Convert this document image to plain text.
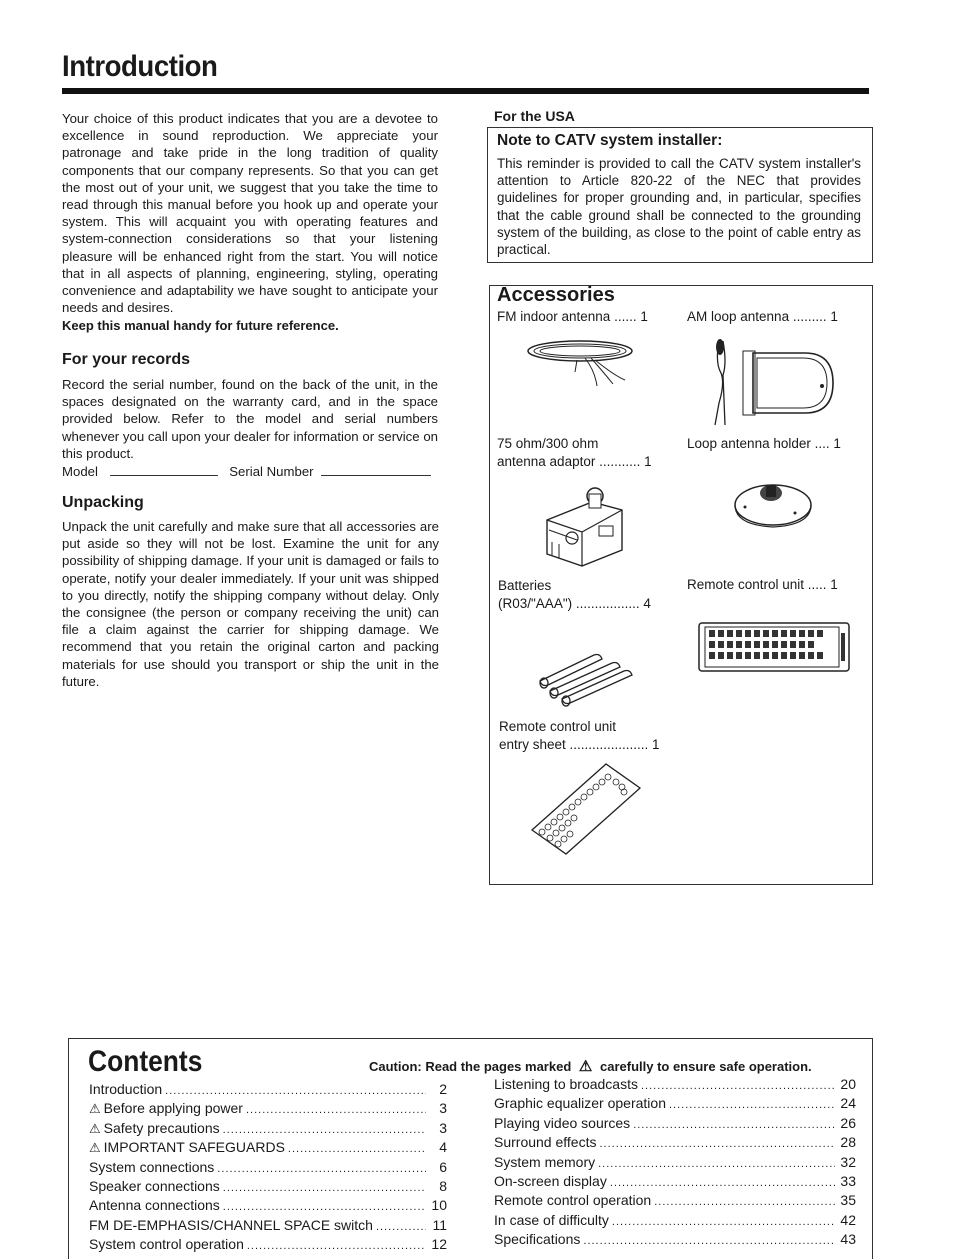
Introduction
Your choice of this product indicates that you are a devotee to excellence in sound reproduction. We appreciate your patronage and take pride in the long tradition of quality components that our company represents. So that you can get the most out of your unit, we suggest that you take the time to read through this manual before you hook up and operate your system. This will acquaint you with operating features and system-connection considerations so that your listening pleasure will be enhanced right from the start. You will notice that in all aspects of planning, engineering, styling, operating convenience and adaptability we have sought to anticipate your needs and desires.
Keep this manual handy for future reference.
For your records
Record the serial number, found on the back of the unit, in the spaces designated on the warranty card, and in the space provided below. Refer to the model and serial numbers whenever you call upon your dealer for information or service on this product.
Model	Serial Number
Unpacking
Unpack the unit carefully and make sure that all accessories are put aside so they will not be lost. Examine the unit for any possibility of shipping damage. If your unit is damaged or fails to operate, notify your dealer immediately. If your unit was shipped to you directly, notify the shipping company without delay. Only the consignee (the person or company receiving the unit) can file a claim against the carrier for shipping damage. We recommend that you retain the original carton and packing materials for use should you transport or ship the unit in the future.
For the USA
Note to CATV system installer:
This reminder is provided to call the CATV system installer's attention to Article 820-22 of the NEC that provides guidelines for proper grounding and, in particular, specifies that the cable ground shall be connected to the grounding system of the building, as close to the point of cable entry as practical.
Accessories
FM indoor antenna ...... 1	AM loop antenna ......... 1
75 ohm/300 ohm
antenna adaptor ........... 1
Loop antenna holder .... 1
Batteries
(R03/"AAA") ................. 4
Remote control unit ..... 1
Remote control unit
entry sheet ..................... 1
Contents	Caution: Read the pages marked ⚠ carefully to ensure safe operation.
Introduction .....	2
⚠ Before applying power .....	3
⚠ Safety precautions .....	3
⚠ IMPORTANT SAFEGUARDS .....	4
System connections .....	6
Speaker connections .....	8
Antenna connections .....	10
FM DE-EMPHASIS/CHANNEL SPACE switch .....	11
System control operation .....	12
Listening to broadcasts .....	20
Graphic equalizer operation .....	24
Playing video sources .....	26
Surround effects .....	28
System memory .....	32
On-screen display .....	33
Remote control operation .....	35
In case of difficulty .....	42
Specifications .....	43
